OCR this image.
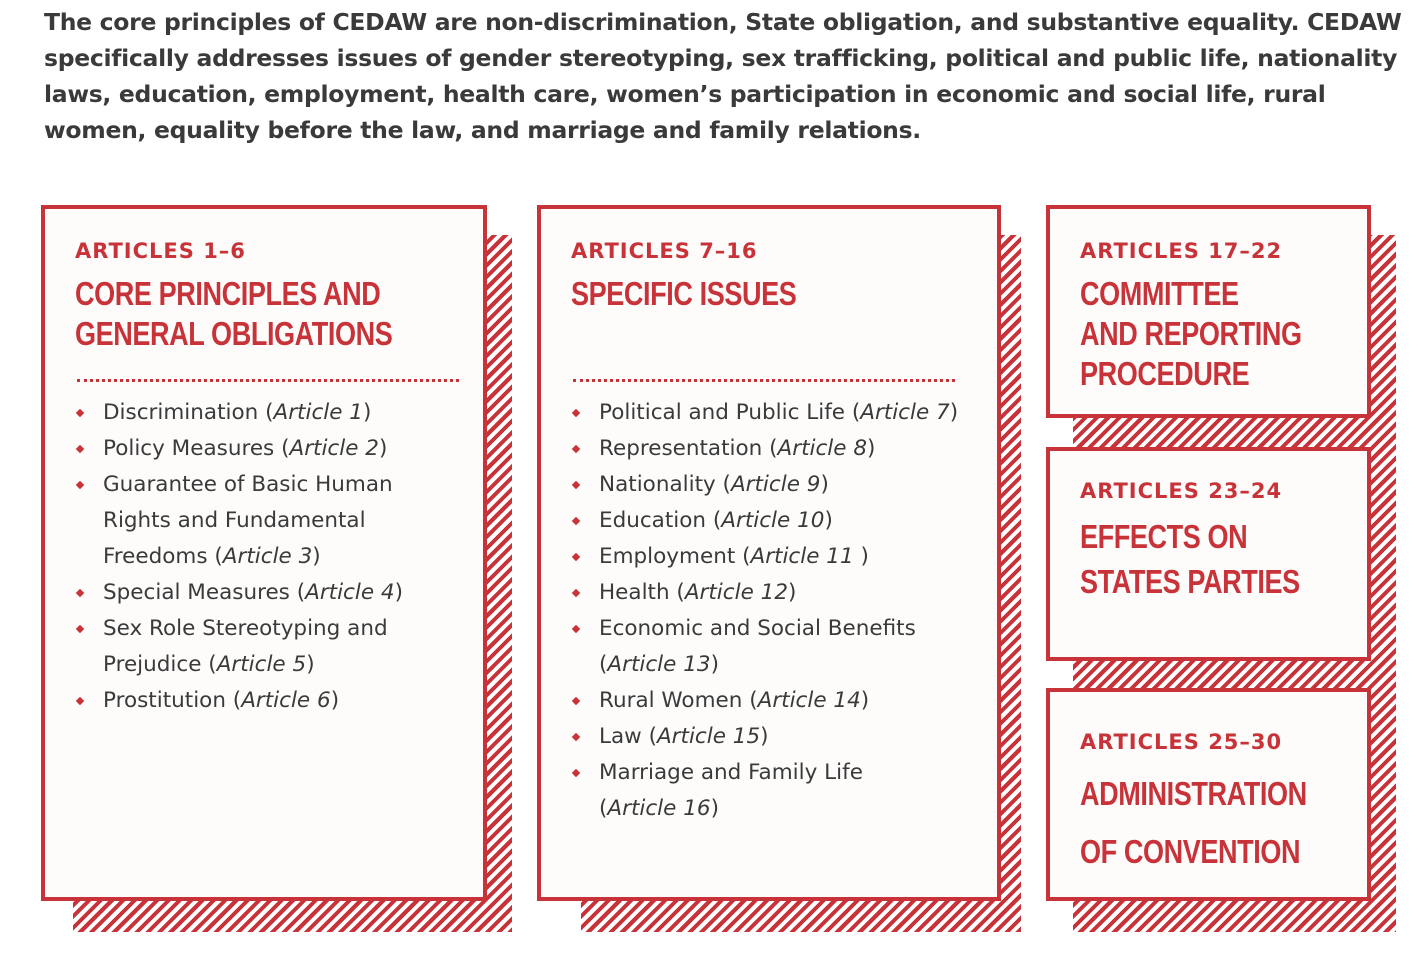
The core principles of CEDAW are non-discrimination, State obligation, and substantive equality. CEDAW specifically addresses issues of gender stereotyping, sex trafficking, political and public life, nationality laws, education, employment, health care, women’s participation in economic and social life, rural women, equality before the law, and marriage and family relations.
ARTICLES 1–6
CORE PRINCIPLES AND
GENERAL OBLIGATIONS
Discrimination (Article 1)
Policy Measures (Article 2)
Guarantee of Basic Human
Rights and Fundamental
Freedoms (Article 3)
Special Measures (Article 4)
Sex Role Stereotyping and
Prejudice (Article 5)
Prostitution (Article 6)
ARTICLES 7–16
SPECIFIC ISSUES
Political and Public Life (Article 7)
Representation (Article 8)
Nationality (Article 9)
Education (Article 10)
Employment (Article 11 )
Health (Article 12)
Economic and Social Benefits
(Article 13)
Rural Women (Article 14)
Law (Article 15)
Marriage and Family Life
(Article 16)
ARTICLES 17–22
COMMITTEE
AND REPORTING
PROCEDURE
ARTICLES 23–24
EFFECTS ON
STATES PARTIES
ARTICLES 25–30
ADMINISTRATION
OF CONVENTION
